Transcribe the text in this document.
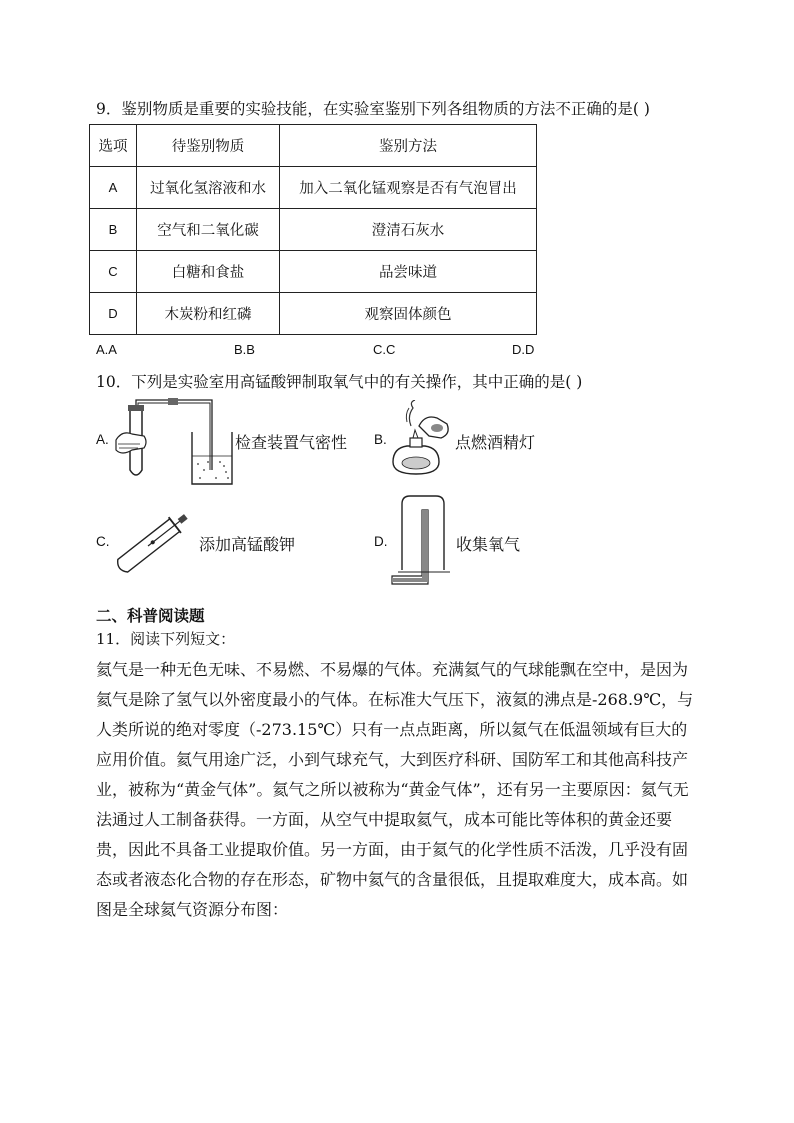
9．鉴别物质是重要的实验技能，在实验室鉴别下列各组物质的方法不正确的是( )
选项	待鉴别物质	鉴别方法
A	过氧化氢溶液和水	加入二氧化锰观察是否有气泡冒出
B	空气和二氧化碳	澄清石灰水
C	白糖和食盐	品尝味道
D	木炭粉和红磷	观察固体颜色
A.A	B.B	C.C	D.D
10．下列是实验室用高锰酸钾制取氧气中的有关操作，其中正确的是( )
A.	检查装置气密性 B.	点燃酒精灯
C.	添加高锰酸钾	D.	收集氧气
二、科普阅读题
11．阅读下列短文：
氦气是一种无色无味、不易燃、不易爆的气体。充满氦气的气球能飘在空中，是因为氦气是除了氢气以外密度最小的气体。在标准大气压下，液氦的沸点是-268.9℃，与人类所说的绝对零度（-273.15℃）只有一点点距离，所以氦气在低温领域有巨大的应用价值。氦气用途广泛，小到气球充气，大到医疗科研、国防军工和其他高科技产业，被称为“黄金气体”。氦气之所以被称为“黄金气体”，还有另一主要原因：氦气无法通过人工制备获得。一方面，从空气中提取氦气，成本可能比等体积的黄金还要贵，因此不具备工业提取价值。另一方面，由于氦气的化学性质不活泼，几乎没有固态或者液态化合物的存在形态，矿物中氦气的含量很低，且提取难度大，成本高。如图是全球氦气资源分布图：
